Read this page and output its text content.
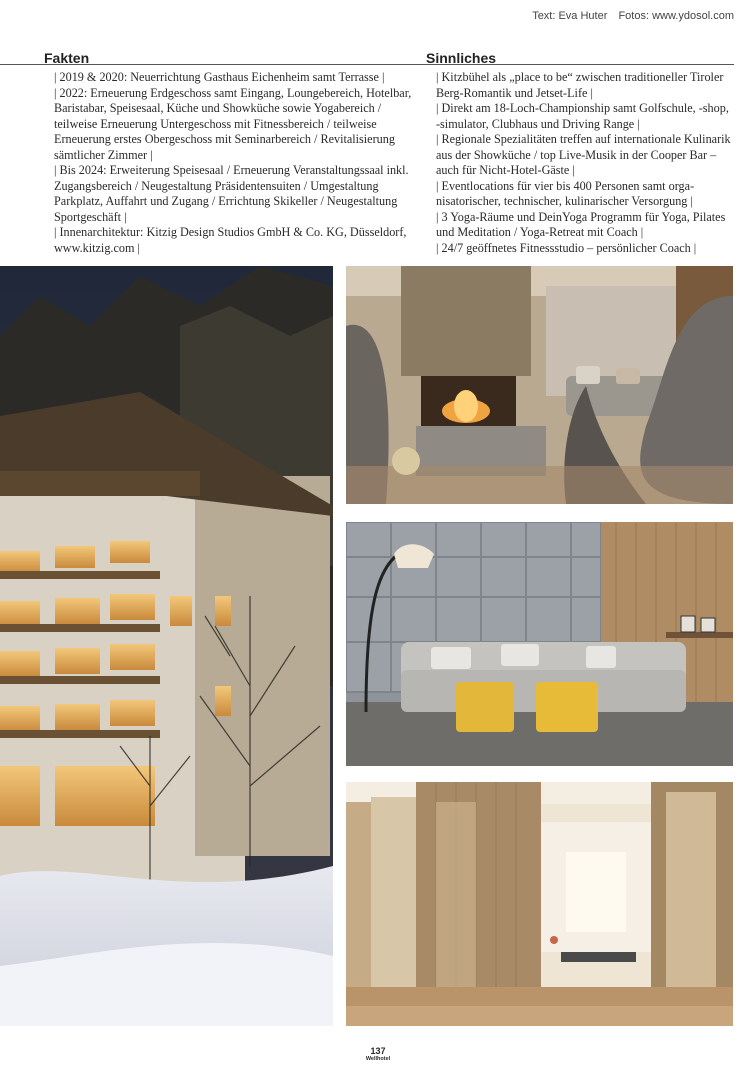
Text: Eva Huter Fotos: www.ydosol.com
Fakten
| 2019 & 2020: Neuerrichtung Gasthaus Eichenheim samt Terrasse |
| 2022: Erneuerung Erdgeschoss samt Eingang, Loungebereich, Hotelbar, Baristabar, Speisesaal, Küche und Showküche sowie Yogabereich / teilweise Erneuerung Untergeschoss mit Fitnessbereich / teilweise Erneuerung erstes Obergeschoss mit Seminarbereich / Revitalisierung sämtlicher Zimmer |
| Bis 2024: Erweiterung Speisesaal / Erneuerung Veranstaltungssaal inkl. Zugangsbereich / Neugestaltung Präsidentensuiten / Umgestaltung Parkplatz, Auffahrt und Zugang / Errichtung Skikeller / Neugestaltung Sportgeschäft |
| Innenarchitektur: Kitzig Design Studios GmbH & Co. KG, Düsseldorf, www.kitzig.com |
Sinnliches
| Kitzbühel als „place to be“ zwischen traditioneller Tiroler Berg-Romantik und Jetset-Life |
| Direkt am 18-Loch-Championship samt Golfschule, -shop, -simulator, Clubhaus und Driving Range |
| Regionale Spezialitäten treffen auf internationale Kulinarik aus der Showküche / top Live-Musik in der Cooper Bar – auch für Nicht-Hotel-Gäste |
| Eventlocations für vier bis 400 Personen samt organisatorischer, technischer, kulinarischer Versorgung |
| 3 Yoga-Räume und DeinYoga Programm für Yoga, Pilates und Meditation / Yoga-Retreat mit Coach |
| 24/7 geöffnetes Fitnessstudio – persönlicher Coach |
137
Wellhotel
